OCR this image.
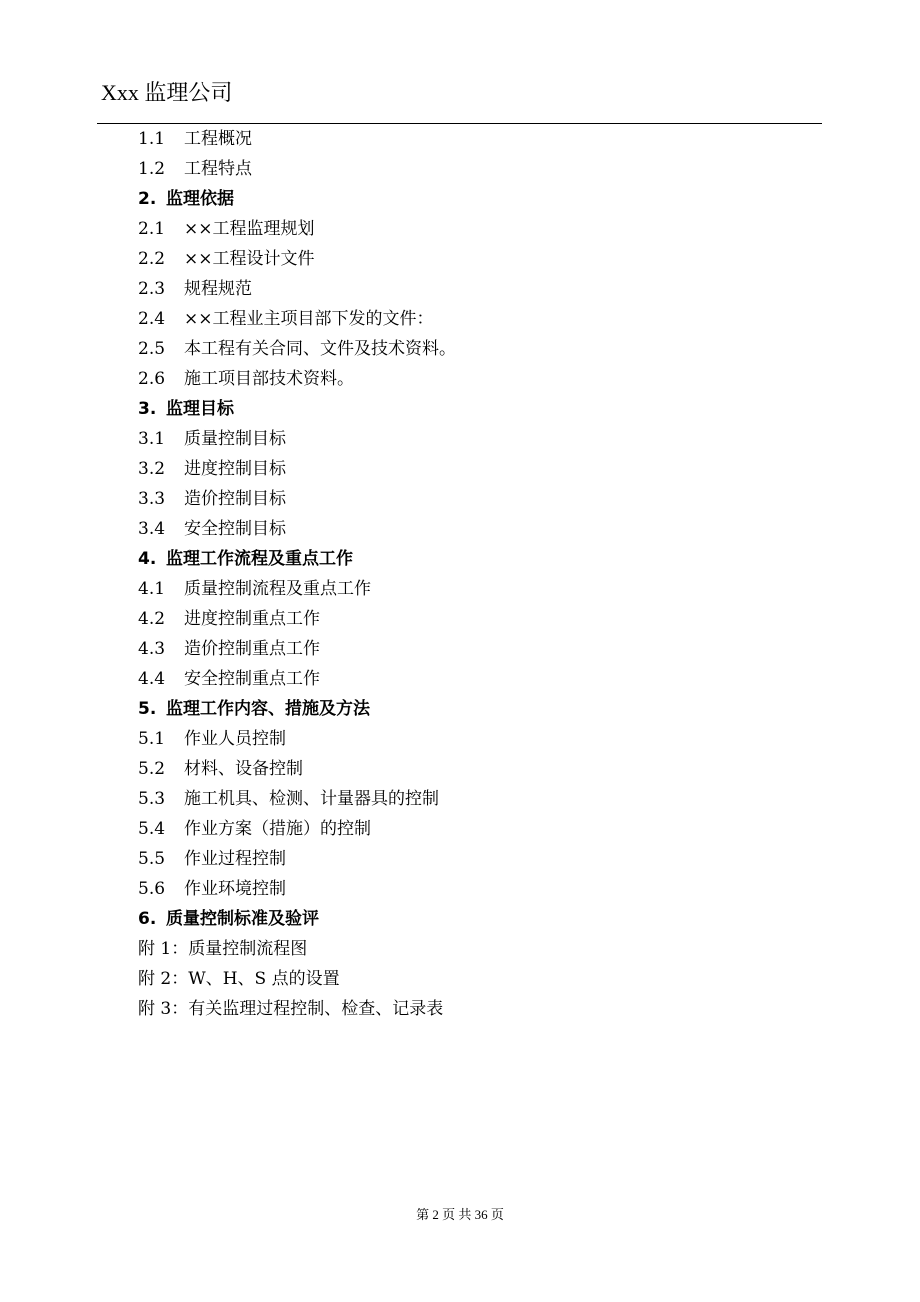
Xxx 监理公司
1.1 工程概况
1.2 工程特点
2. 监理依据
2.1 ××工程监理规划
2.2 ××工程设计文件
2.3 规程规范
2.4 ××工程业主项目部下发的文件：
2.5 本工程有关合同、文件及技术资料。
2.6 施工项目部技术资料。
3. 监理目标
3.1 质量控制目标
3.2 进度控制目标
3.3 造价控制目标
3.4 安全控制目标
4. 监理工作流程及重点工作
4.1 质量控制流程及重点工作
4.2 进度控制重点工作
4.3 造价控制重点工作
4.4 安全控制重点工作
5. 监理工作内容、措施及方法
5.1 作业人员控制
5.2 材料、设备控制
5.3 施工机具、检测、计量器具的控制
5.4 作业方案（措施）的控制
5.5 作业过程控制
5.6 作业环境控制
6. 质量控制标准及验评
附 1：质量控制流程图
附 2：W、H、S 点的设置
附 3：有关监理过程控制、检查、记录表
第 2 页 共 36 页
